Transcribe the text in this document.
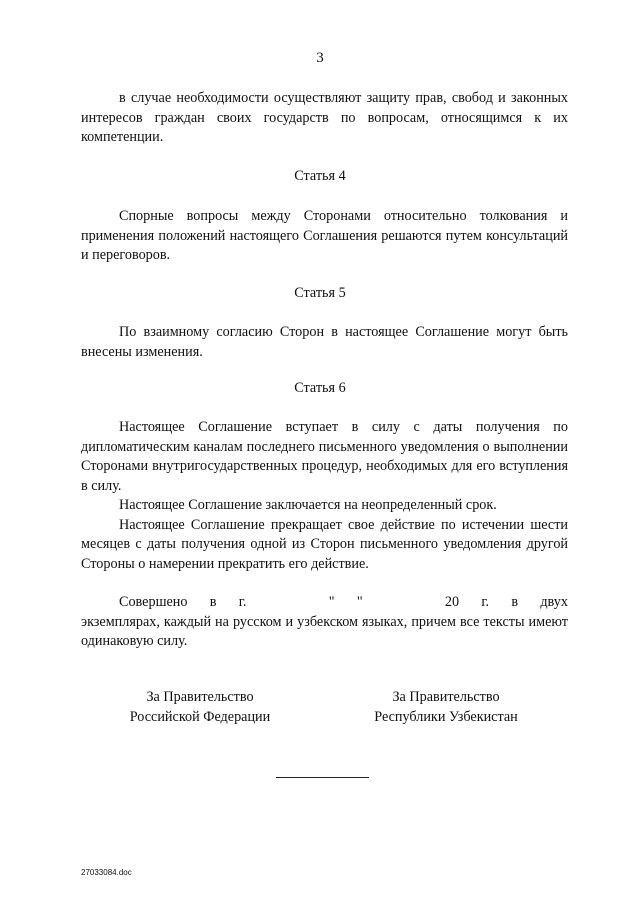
3

в случае необходимости осуществляют защиту прав, свобод и законных интересов граждан своих государств по вопросам, относящимся к их компетенции.

Статья 4

Спорные вопросы между Сторонами относительно толкования и применения положений настоящего Соглашения решаются путем консультаций и переговоров.

Статья 5

По взаимному согласию Сторон в настоящее Соглашение могут быть внесены изменения.

Статья 6

Настоящее Соглашение вступает в силу с даты получения по дипломатическим каналам последнего письменного уведомления о выполнении Сторонами внутригосударственных процедур, необходимых для его вступления в силу.

Настоящее Соглашение заключается на неопределенный срок.

Настоящее Соглашение прекращает свое действие по истечении шести месяцев с даты получения одной из Сторон письменного уведомления другой Стороны о намерении прекратить его действие.

Совершено в г.	" "	20 г. в двух

экземплярах, каждый на русском и узбекском языках, причем все тексты имеют одинаковую силу.

За Правительство
Российской Федерации
За Правительство
Республики Узбекистан
27033084.doc
